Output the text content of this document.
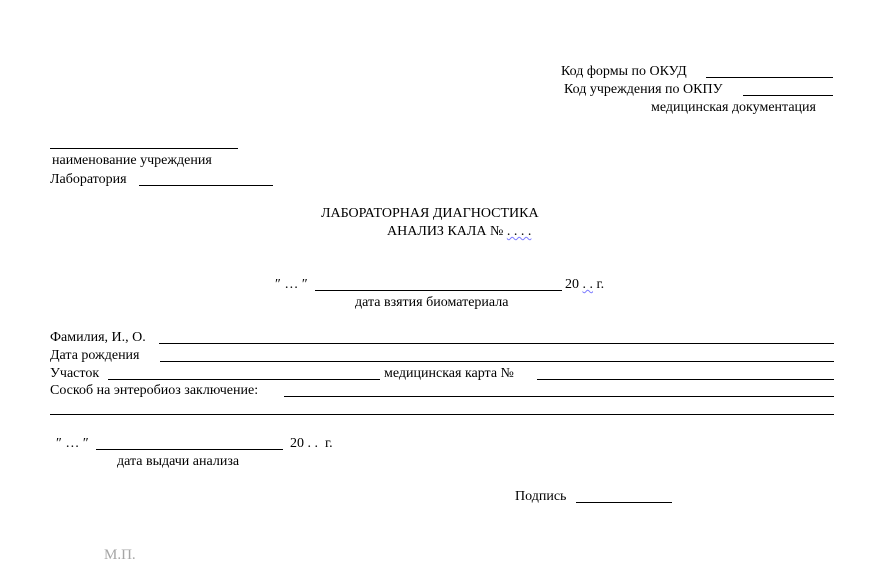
Код формы по ОКУД
Код учреждения по ОКПУ
медицинская документация
наименование учреждения
Лаборатория
ЛАБОРАТОРНАЯ ДИАГНОСТИКА
АНАЛИЗ КАЛА № . . . .
″ … ″	20 . . г.
дата взятия биоматериала
Фамилия, И., О.
Дата рождения
Участок	медицинская карта №
Соскоб на энтеробиоз заключение:
″ … ″	20 . . г.
дата выдачи анализа
Подпись
М.П.
